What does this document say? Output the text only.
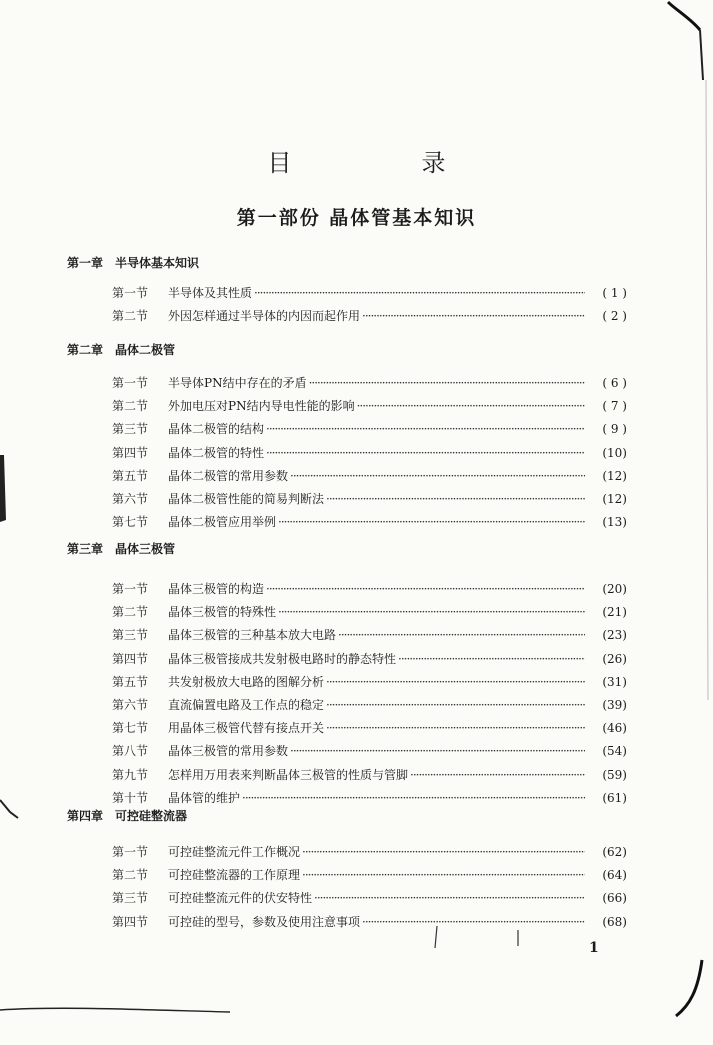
目录
第一部份 晶体管基本知识
第一章 半导体基本知识
第一节	半导体及其性质 ·····	( 1 )
第二节	外因怎样通过半导体的内因而起作用 ·····	( 2 )
第二章 晶体二极管
第一节	半导体PN结中存在的矛盾 ·····	( 6 )
第二节	外加电压对PN结内导电性能的影响 ·····	( 7 )
第三节	晶体二极管的结构 ·····	( 9 )
第四节	晶体二极管的特性 ·····	(10)
第五节	晶体二极管的常用参数 ·····	(12)
第六节	晶体二极管性能的简易判断法 ·····	(12)
第七节	晶体二极管应用举例 ·····	(13)
第三章 晶体三极管
第一节	晶体三极管的构造 ·····	(20)
第二节	晶体三极管的特殊性 ·····	(21)
第三节	晶体三极管的三种基本放大电路 ·····	(23)
第四节	晶体三极管接成共发射极电路时的静态特性 ·····	(26)
第五节	共发射极放大电路的图解分析 ·····	(31)
第六节	直流偏置电路及工作点的稳定 ·····	(39)
第七节	用晶体三极管代替有接点开关 ·····	(46)
第八节	晶体三极管的常用参数 ·····	(54)
第九节	怎样用万用表来判断晶体三极管的性质与管脚 ·····	(59)
第十节	晶体管的维护 ·····	(61)
第四章 可控硅整流器
第一节	可控硅整流元件工作概况 ·····	(62)
第二节	可控硅整流器的工作原理 ·····	(64)
第三节	可控硅整流元件的伏安特性 ·····	(66)
第四节	可控硅的型号，参数及使用注意事项 ·····	(68)
1
